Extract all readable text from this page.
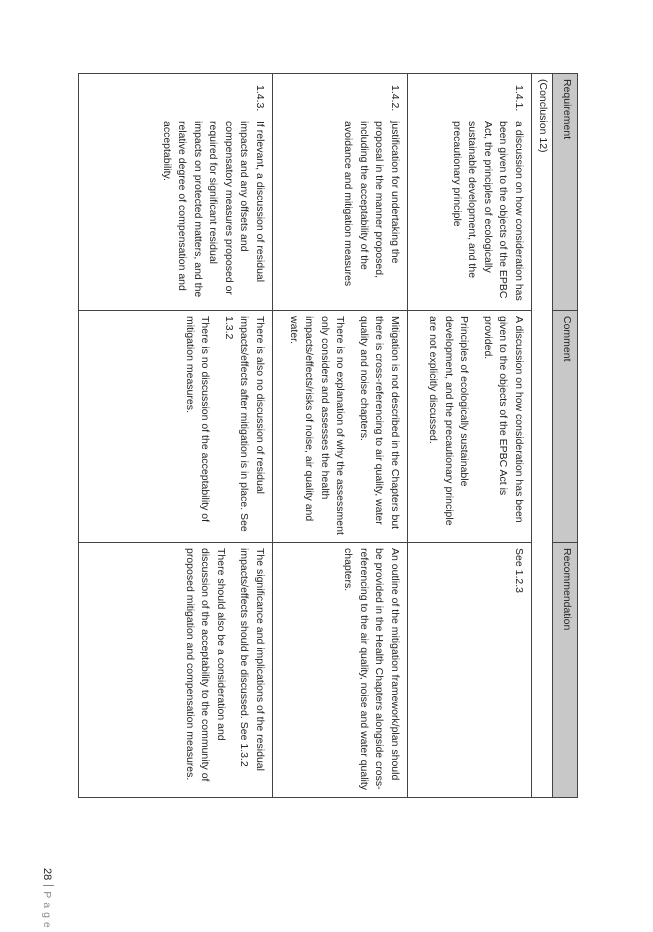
Requirement
Comment
Recommendation
(Conclusion 12)
1.4.1.
a discussion on how consideration has been given to the objects of the EPBC Act, the principles of ecologically sustainable development, and the precautionary principle

A discussion on how consideration has been given to the objects of the EPBC Act is provided.

Principles of ecologically sustainable development, and the precautionary principle are not explicitly discussed.

See 1.2.3

1.4.2.
justification for undertaking the proposal in the manner proposed, including the acceptability of the avoidance and mitigation measures

Mitigation is not described in the Chapters but there is cross-referencing to air quality, water quality and noise chapters.

There is no explanation of why the assessment only considers and assesses the health impacts/effects/risks of noise, air quality and water.

An outline of the mitigation framework/plan should be provided in the Health Chapters alongside cross-referencing to the air quality, noise and water quality chapters.

1.4.3.
If relevant, a discussion of residual impacts and any offsets and compensatory measures proposed or required for significant residual impacts on protected matters, and the relative degree of compensation and acceptability.

There is also no discussion of residual impacts/effects after mitigation is in place. See 1.3.2

There is no discussion of the acceptability of mitigation measures.

The significance and implications of the residual impacts/effects should be discussed. See 1.3.2

There should also be a consideration and discussion of the acceptability to the community of proposed mitigation and compensation measures.

28Page
